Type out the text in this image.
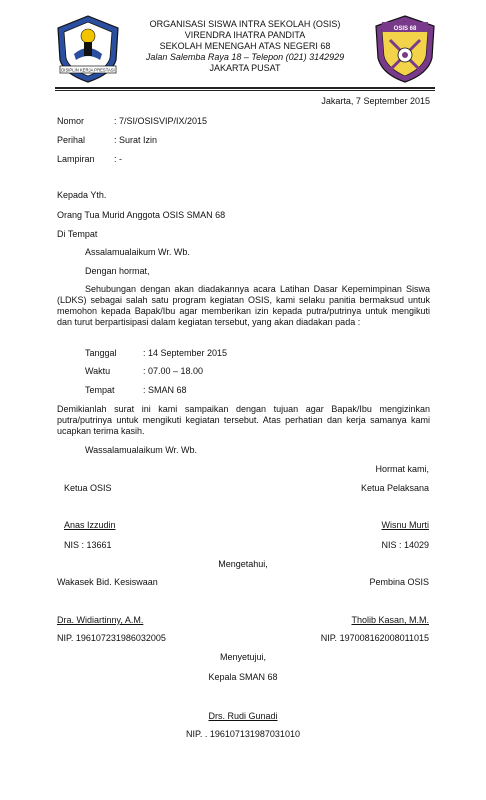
DISIPLIN KERJA PRESTASI
OSIS 68
ORGANISASI SISWA INTRA SEKOLAH (OSIS)
VIRENDRA IHATRA PANDITA
SEKOLAH MENENGAH ATAS NEGERI 68
Jalan Salemba Raya 18 – Telepon (021) 3142929
JAKARTA PUSAT
Jakarta, 7 September 2015
Nomor	: 7/SI/OSISVIP/IX/2015
Perihal	: Surat Izin
Lampiran : -
Kepada Yth.
Orang Tua Murid Anggota OSIS SMAN 68
Di Tempat
Assalamualaikum Wr. Wb.
Dengan hormat,
Sehubungan dengan akan diadakannya acara Latihan Dasar Kepemimpinan Siswa (LDKS) sebagai salah satu program kegiatan OSIS, kami selaku panitia bermaksud untuk memohon kepada Bapak/Ibu agar memberikan izin kepada putra/putrinya untuk mengikuti dan turut berpartisipasi dalam kegiatan tersebut, yang akan diadakan pada :
Tanggal	: 14 September 2015
Waktu	: 07.00 – 18.00
Tempat	: SMAN 68
Demikianlah surat ini kami sampaikan dengan tujuan agar Bapak/Ibu mengizinkan putra/putrinya untuk mengikuti kegiatan tersebut. Atas perhatian dan kerja samanya kami ucapkan terima kasih.
Wassalamualaikum Wr. Wb.
Hormat kami,
Ketua OSIS	Ketua Pelaksana
Anas Izzudin	Wisnu Murti
NIS : 13661	NIS : 14029
Mengetahui,
Wakasek Bid. Kesiswaan	Pembina OSIS
Dra. Widiartinny, A.M.	Tholib Kasan, M.M.
NIP. 196107231986032005	NIP. 197008162008011015
Menyetujui,
Kepala SMAN 68
Drs. Rudi Gunadi
NIP. . 196107131987031010
